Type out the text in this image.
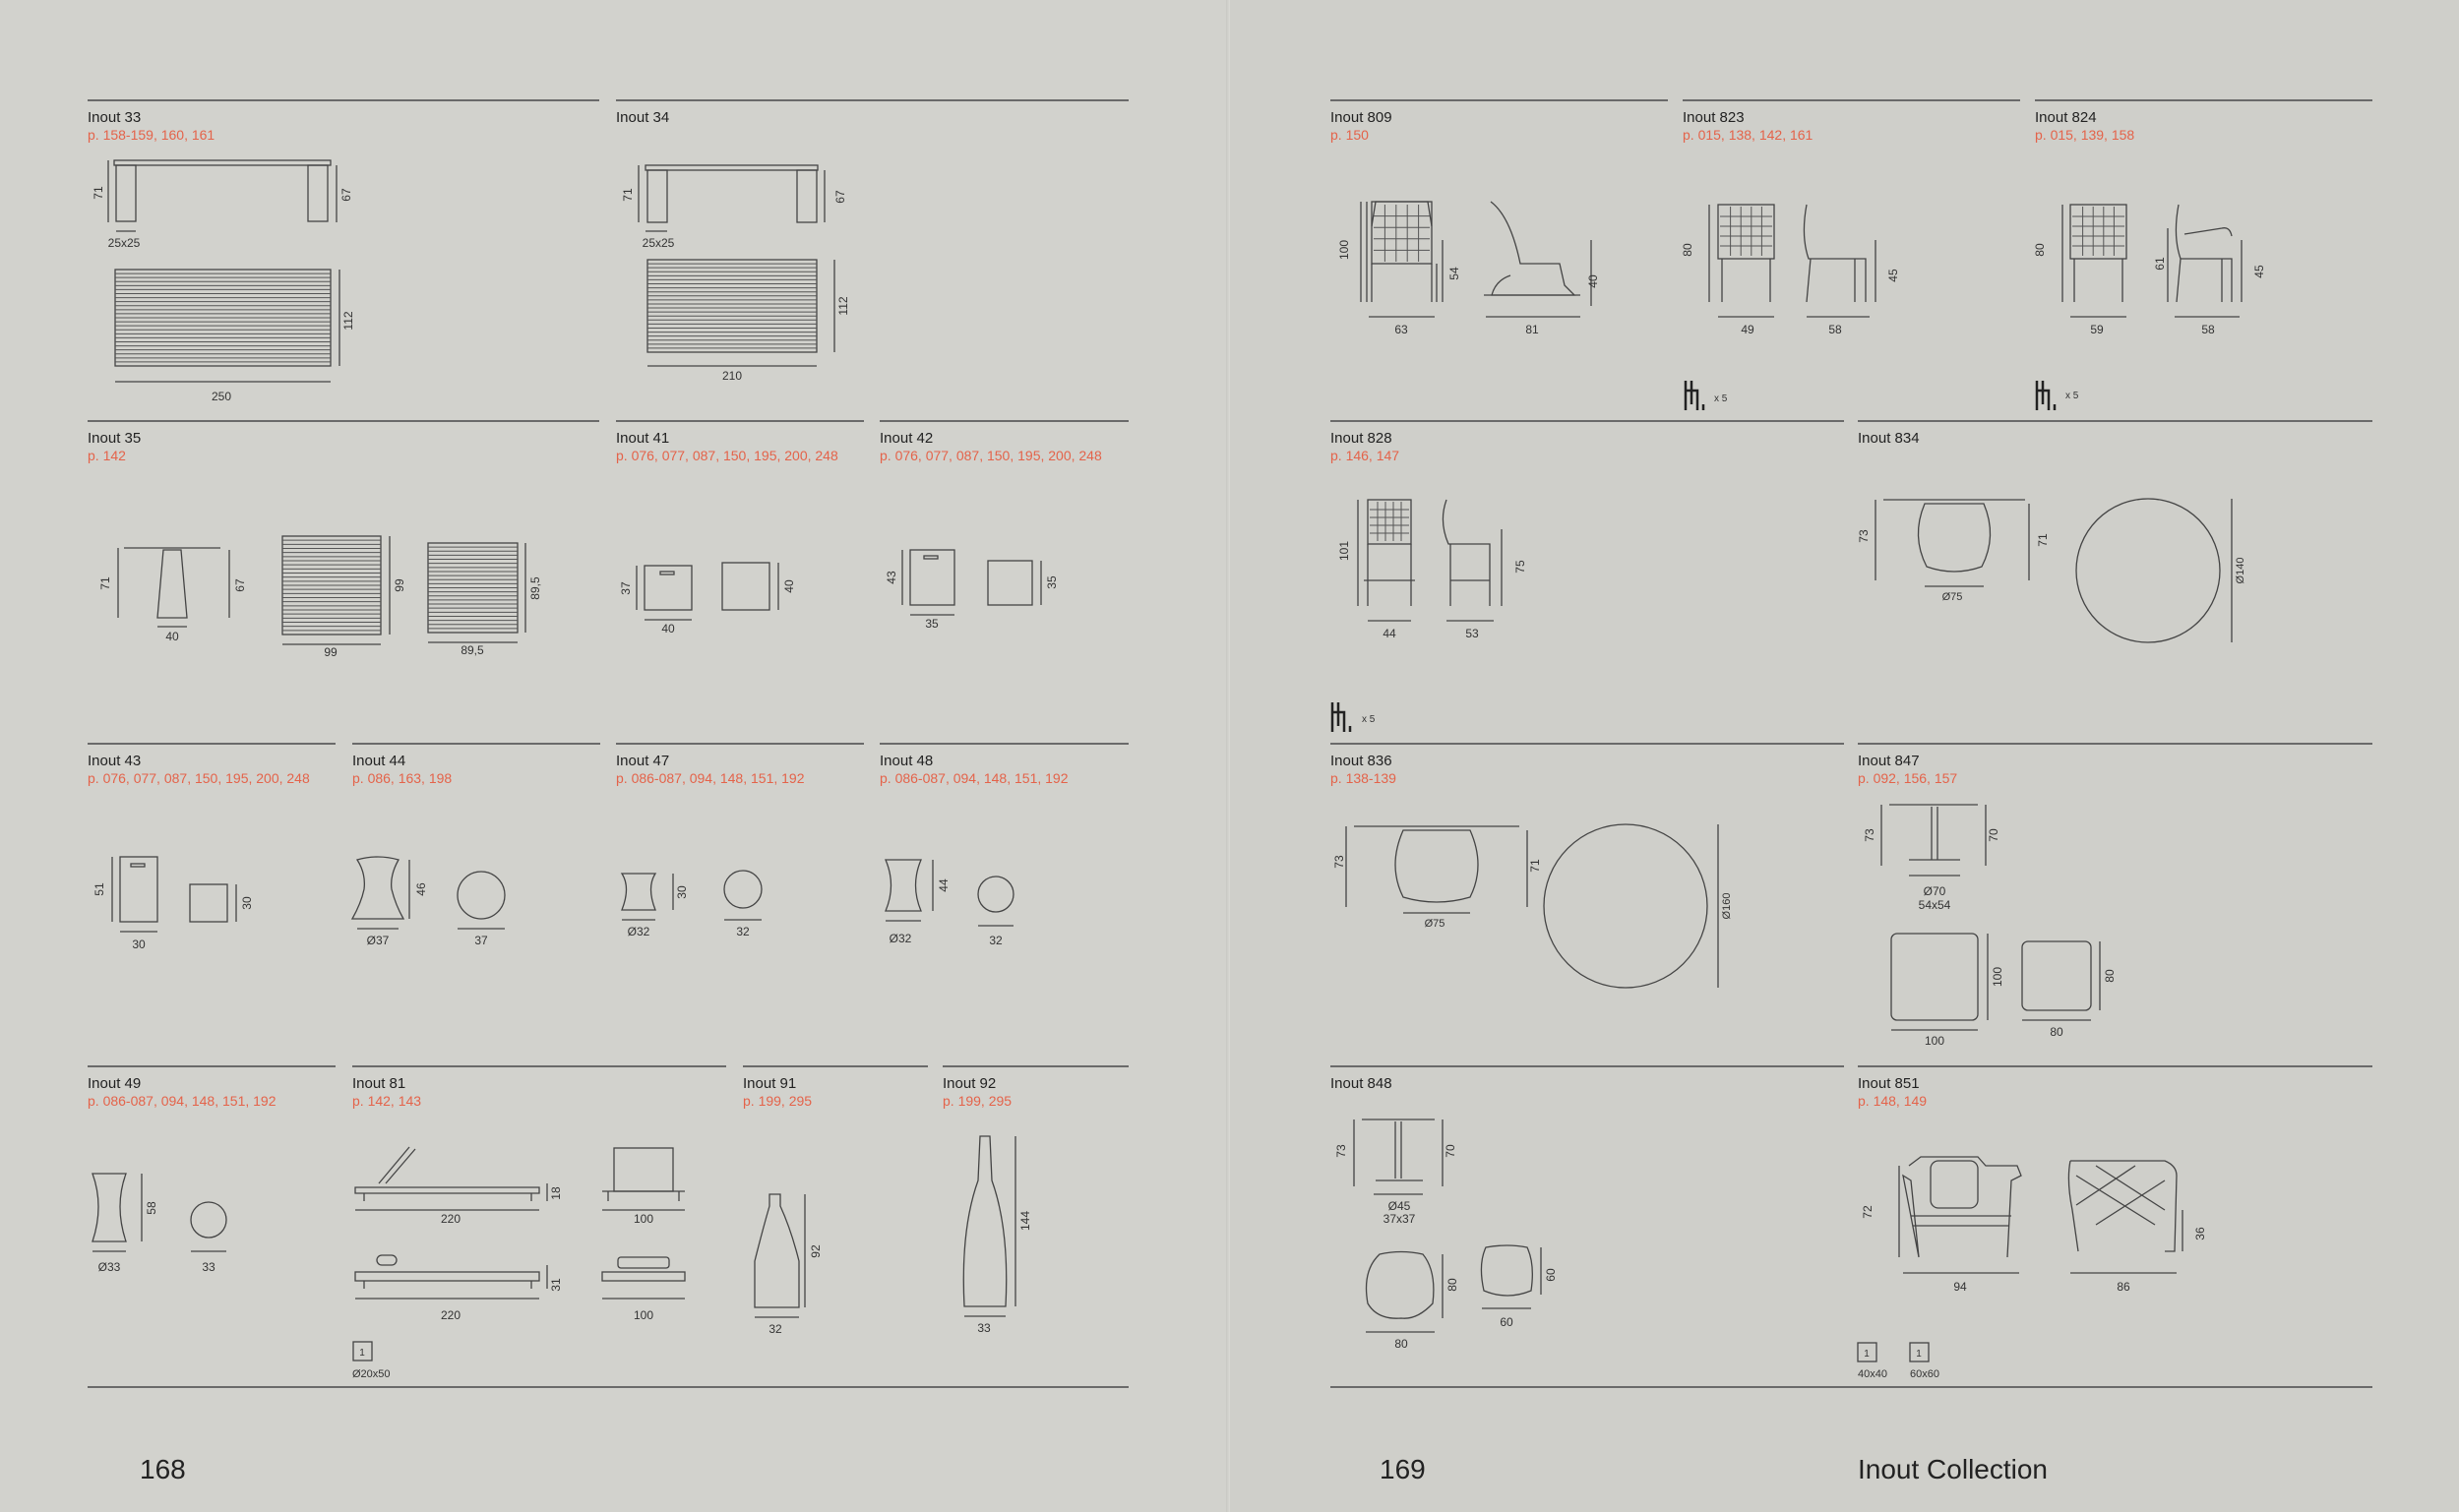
Inout 33
p. 158-159, 160, 161
Inout 34
Inout 35
p. 142
Inout 41
p. 076, 077, 087, 150, 195, 200, 248
Inout 42
p. 076, 077, 087, 150, 195, 200, 248
Inout 43
p. 076, 077, 087, 150, 195, 200, 248
Inout 44
p. 086, 163, 198
Inout 47
p. 086-087, 094, 148, 151, 192
Inout 48
p. 086-087, 094, 148, 151, 192
Inout 49
p. 086-087, 094, 148, 151, 192
Inout 81
p. 142, 143
Inout 91
p. 199, 295
Inout 92
p. 199, 295
168
Inout 809
p. 150
Inout 823
p. 015, 138, 142, 161
Inout 824
p. 015, 139, 158
Inout 828
p. 146, 147
Inout 834
Inout 836
p. 138-139
Inout 847
p. 092, 156, 157
Inout 848	Inout 851
p. 148, 149
169	Inout Collection
71	67
25x25
112
250
71	67
25x25
112
210
71	67
40
99
99
89,5
89,5
37
40
40
43
35
35
51
30
30
46
Ø37	37
30
Ø32	32
44
Ø32	32
58
Ø33	33
18
220	100
31
220	100
1
Ø20x50
92
32
144
33
100
54
63
40
81
80
45
49	58
x 5
80
61
45
59	58
x 5
101
75
44	53
x 5
73	71
Ø75
Ø140
73	71
Ø75
Ø160
73	70
Ø70
54x54
100
100
80
80
73	70
Ø45
37x37
80
80
60
60
72
94
36
86
1
40x40
1
60x60
